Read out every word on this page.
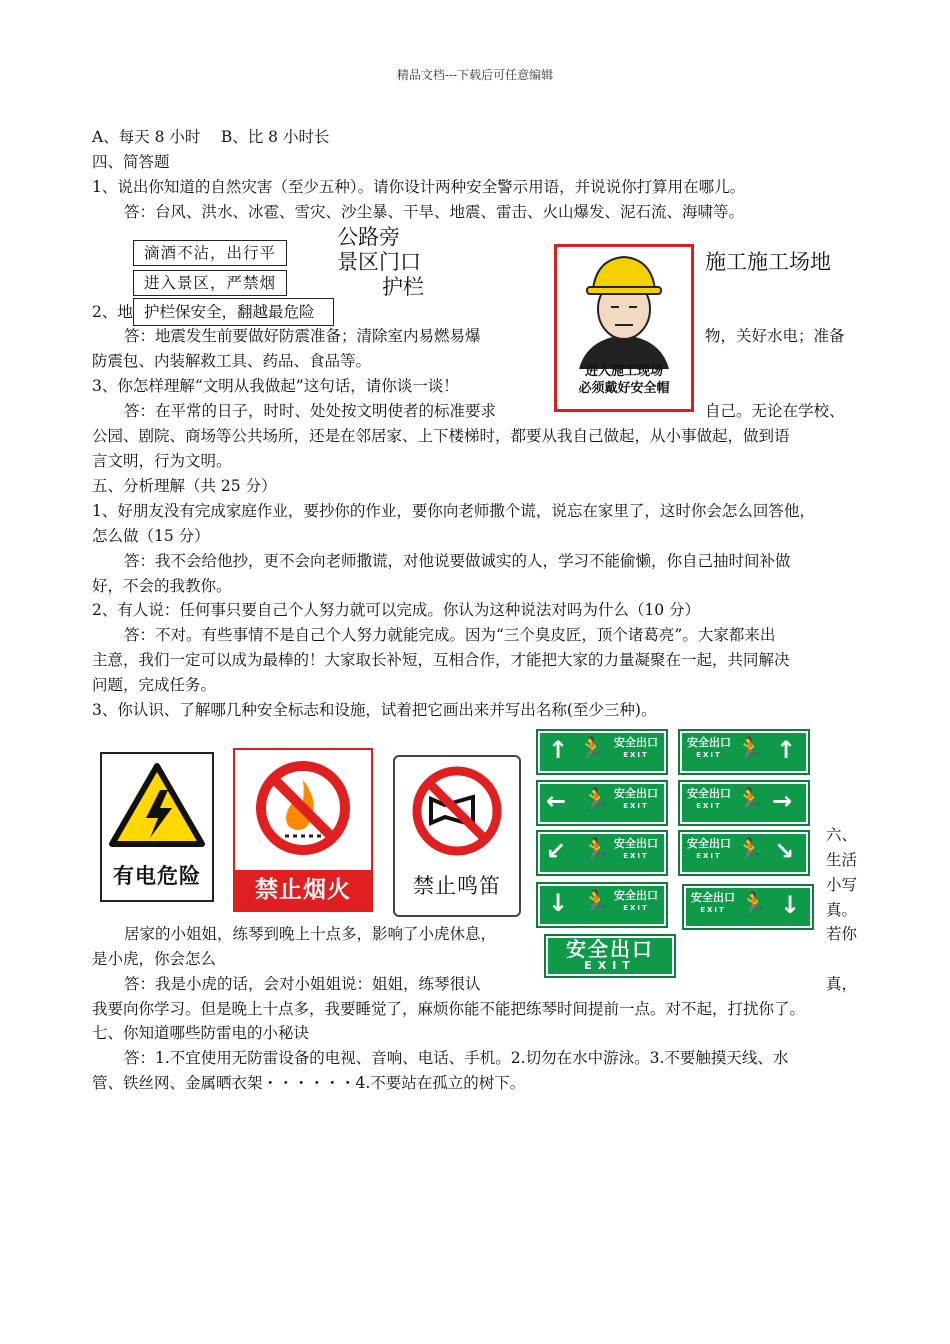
精品文档---下载后可任意编辑
A、每天 8 小时　 B、比 8 小时长
四、简答题
1、说出你知道的自然灾害（至少五种）。请你设计两种安全警示用语，并说说你打算用在哪儿。
答：台风、洪水、冰雹、雪灾、沙尘暴、干旱、地震、雷击、火山爆发、泥石流、海啸等。
滴酒不沾，出行平
进入景区，严禁烟
护栏保安全，翻越最危险
公路旁
景区门口
护栏
施工施工场地
进入施工现场
必须戴好安全帽
2、地
答：地震发生前要做好防震准备；清除室内易燃易爆	物，关好水电；准备
防震包、内装解救工具、药品、食品等。
3、你怎样理解“文明从我做起”这句话，请你谈一谈！
答：在平常的日子，时时、处处按文明使者的标准要求	自己。无论在学校、
公园、剧院、商场等公共场所，还是在邻居家、上下楼梯时，都要从我自己做起，从小事做起，做到语
言文明，行为文明。
五、分析理解（共 25 分）
1、好朋友没有完成家庭作业，要抄你的作业，要你向老师撒个谎，说忘在家里了，这时你会怎么回答他，
怎么做（15 分）
答：我不会给他抄，更不会向老师撒谎，对他说要做诚实的人，学习不能偷懒，你自己抽时间补做
好，不会的我教你。
2、有人说：任何事只要自己个人努力就可以完成。你认为这种说法对吗为什么（10 分）
答：不对。有些事情不是自己个人努力就能完成。因为“三个臭皮匠，顶个诸葛亮”。大家都来出
主意，我们一定可以成为最棒的！大家取长补短，互相合作，才能把大家的力量凝聚在一起，共同解决
问题，完成任务。
3、你认识、了解哪几种安全标志和设施，试着把它画出来并写出名称(至少三种)。
有电危险
禁止烟火	禁止鸣笛
↑ 🏃 安全出口
EXIT
安全出口
EXIT 🏃 ↑
← 🏃 安全出口
EXIT
安全出口
EXIT 🏃 →
↙ 🏃 安全出口
EXIT
安全出口
EXIT 🏃 ↘
↓ 🏃 安全出口
EXIT
安全出口
EXIT 🏃 ↓
安全出口
EXIT
六、
生活
小写
真。
居家的小姐姐，练琴到晚上十点多，影响了小虎休息，	若你
是小虎，你会怎么
答：我是小虎的话，会对小姐姐说：姐姐，练琴很认	真，
我要向你学习。但是晚上十点多，我要睡觉了，麻烦你能不能把练琴时间提前一点。对不起，打扰你了。
七、你知道哪些防雷电的小秘诀
答：1.不宜使用无防雷设备的电视、音响、电话、手机。2.切勿在水中游泳。3.不要触摸天线、水
管、铁丝网、金属晒衣架・・・・・・4.不要站在孤立的树下。
